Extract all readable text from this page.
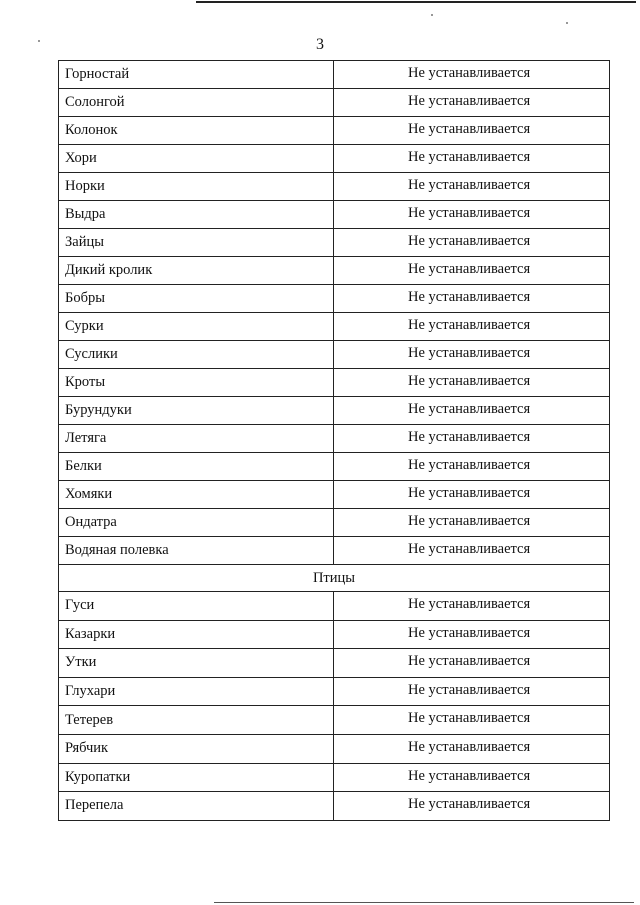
3
Горностай	Не устанавливается
Солонгой	Не устанавливается
Колонок	Не устанавливается
Хори	Не устанавливается
Норки	Не устанавливается
Выдра	Не устанавливается
Зайцы	Не устанавливается
Дикий кролик	Не устанавливается
Бобры	Не устанавливается
Сурки	Не устанавливается
Суслики	Не устанавливается
Кроты	Не устанавливается
Бурундуки	Не устанавливается
Летяга	Не устанавливается
Белки	Не устанавливается
Хомяки	Не устанавливается
Ондатра	Не устанавливается
Водяная полевка	Не устанавливается
Птицы
Гуси	Не устанавливается
Казарки	Не устанавливается
Утки	Не устанавливается
Глухари	Не устанавливается
Тетерев	Не устанавливается
Рябчик	Не устанавливается
Куропатки	Не устанавливается
Перепела	Не устанавливается
